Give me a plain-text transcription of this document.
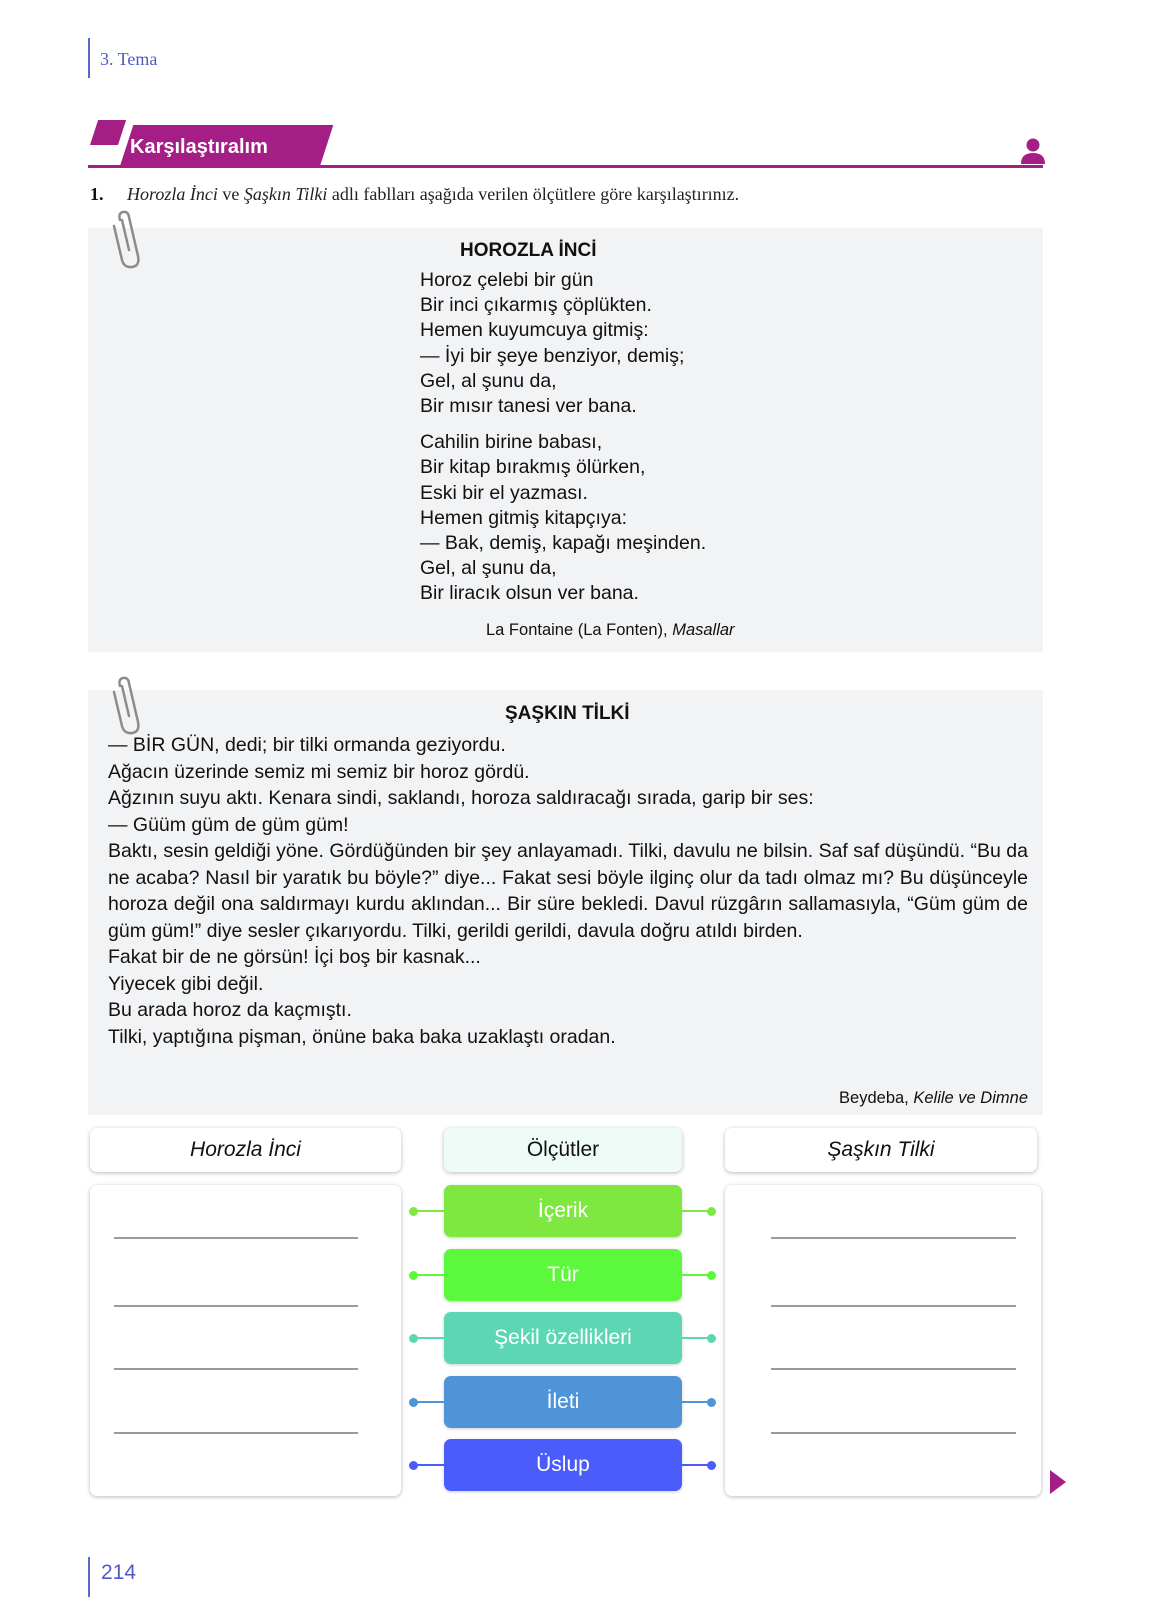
3. Tema
Karşılaştıralım
1. Horozla İnci ve Şaşkın Tilki adlı fablları aşağıda verilen ölçütlere göre karşılaştırınız.
HOROZLA İNCİ
Horoz çelebi bir gün
Bir inci çıkarmış çöplükten.
Hemen kuyumcuya gitmiş:
— İyi bir şeye benziyor, demiş;
Gel, al şunu da,
Bir mısır tanesi ver bana.
Cahilin birine babası,
Bir kitap bırakmış ölürken,
Eski bir el yazması.
Hemen gitmiş kitapçıya:
— Bak, demiş, kapağı meşinden.
Gel, al şunu da,
Bir liracık olsun ver bana.
La Fontaine (La Fonten), Masallar
ŞAŞKIN TİLKİ

— BİR GÜN, dedi; bir tilki ormanda geziyordu.

Ağacın üzerinde semiz mi semiz bir horoz gördü.

Ağzının suyu aktı. Kenara sindi, saklandı, horoza saldıracağı sırada, garip bir ses:

— Güüm güm de güm güm!

Baktı, sesin geldiği yöne. Gördüğünden bir şey anlayamadı. Tilki, davulu ne bilsin. Saf saf düşündü. “Bu da ne acaba? Nasıl bir yaratık bu böyle?” diye... Fakat sesi böyle ilginç olur da tadı olmaz mı? Bu düşünceyle horoza değil ona saldırmayı kurdu aklından... Bir süre bekledi. Davul rüzgârın sallamasıyla, “Güm güm de güm güm!” diye sesler çıkarıyordu. Tilki, gerildi gerildi, davula doğru atıldı birden.

Fakat bir de ne görsün! İçi boş bir kasnak...

Yiyecek gibi değil.

Bu arada horoz da kaçmıştı.

Tilki, yaptığına pişman, önüne baka baka uzaklaştı oradan.

Beydeba, Kelile ve Dimne
Horozla İnci	Ölçütler	Şaşkın Tilki
İçerik
Tür
Şekil özellikleri
İleti
Üslup
214
